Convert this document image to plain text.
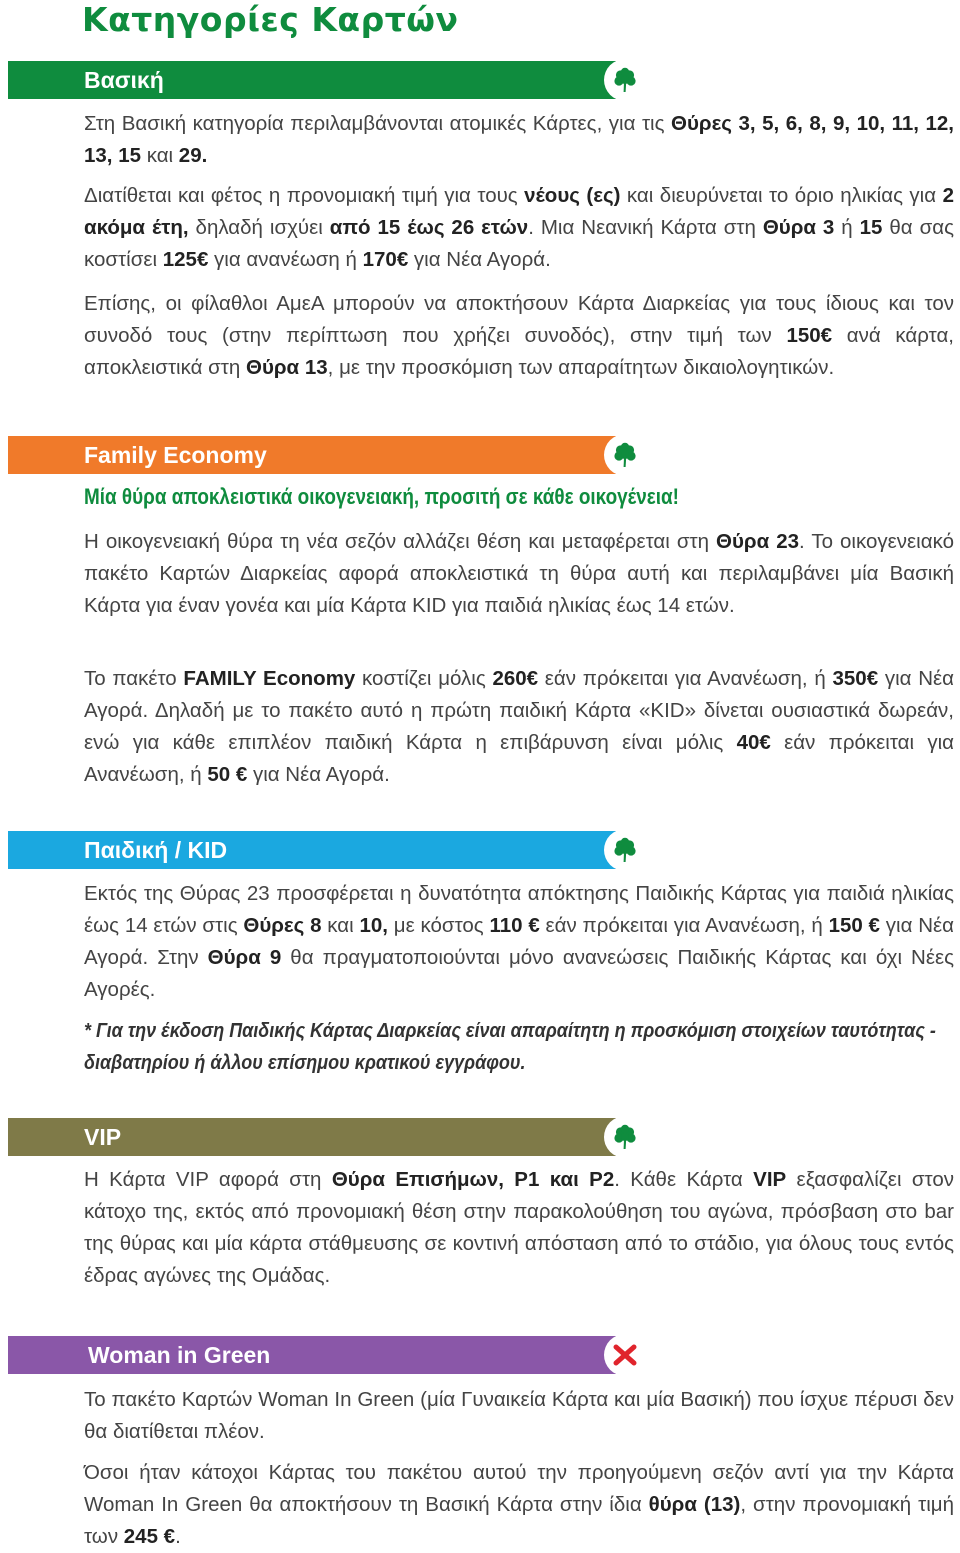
Κατηγορίες Καρτών
Βασική

Στη Βασική κατηγορία περιλαμβάνονται ατομικές Κάρτες, για τις Θύρες 3, 5, 6, 8, 9, 10, 11, 12, 13, 15 και 29.

Διατίθεται και φέτος η προνομιακή τιμή για τους νέους (ες) και διευρύνεται το όριο ηλικίας για 2 ακόμα έτη, δηλαδή ισχύει από 15 έως 26 ετών. Μια Νεανική Κάρτα στη Θύρα 3 ή 15 θα σας κοστίσει 125€ για ανανέωση ή 170€ για Νέα Αγορά.

Επίσης, οι φίλαθλοι ΑμεΑ μπορούν να αποκτήσουν Κάρτα Διαρκείας για τους ίδιους και τον συνοδό τους (στην περίπτωση που χρήζει συνοδός), στην τιμή των 150€ ανά κάρτα, αποκλειστικά στη Θύρα 13, με την προσκόμιση των απαραίτητων δικαιολογητικών.

Family Economy

Μία θύρα αποκλειστικά οικογενειακή, προσιτή σε κάθε οικογένεια!

Η οικογενειακή θύρα τη νέα σεζόν αλλάζει θέση και μεταφέρεται στη Θύρα 23. Το οικογενειακό πακέτο Καρτών Διαρκείας αφορά αποκλειστικά τη θύρα αυτή και περιλαμβάνει μία Βασική Κάρτα για έναν γονέα και μία Κάρτα KID για παιδιά ηλικίας έως 14 ετών.

Το πακέτο FAMILY Economy κοστίζει μόλις 260€ εάν πρόκειται για Ανανέωση, ή 350€ για Νέα Αγορά. Δηλαδή με το πακέτο αυτό η πρώτη παιδική Κάρτα «KID» δίνεται ουσιαστικά δωρεάν, ενώ για κάθε επιπλέον παιδική Κάρτα η επιβάρυνση είναι μόλις 40€ εάν πρόκειται για Ανανέωση, ή 50 € για Νέα Αγορά.

Παιδική / KID

Εκτός της Θύρας 23 προσφέρεται η δυνατότητα απόκτησης Παιδικής Κάρτας για παιδιά ηλικίας έως 14 ετών στις Θύρες 8 και 10, με κόστος 110 € εάν πρόκειται για Ανανέωση, ή 150 € για Νέα Αγορά. Στην Θύρα 9 θα πραγματοποιούνται μόνο ανανεώσεις Παιδικής Κάρτας και όχι Νέες Αγορές.

* Για την έκδοση Παιδικής Κάρτας Διαρκείας είναι απαραίτητη η προσκόμιση στοιχείων ταυτότητας - διαβατηρίου ή άλλου επίσημου κρατικού εγγράφου.

VIP

Η Κάρτα VIP αφορά στη Θύρα Επισήμων, Ρ1 και Ρ2. Κάθε Κάρτα VIP εξασφαλίζει στον κάτοχο της, εκτός από προνομιακή θέση στην παρακολούθηση του αγώνα, πρόσβαση στο bar της θύρας και μία κάρτα στάθμευσης σε κοντινή απόσταση από το στάδιο, για όλους τους εντός έδρας αγώνες της Ομάδας.

Woman in Green

Το πακέτο Καρτών Woman In Green (μία Γυναικεία Κάρτα και μία Βασική) που ίσχυε πέρυσι δεν θα διατίθεται πλέον.

Όσοι ήταν κάτοχοι Κάρτας του πακέτου αυτού την προηγούμενη σεζόν αντί για την Κάρτα Woman In Green θα αποκτήσουν τη Βασική Κάρτα στην ίδια θύρα (13), στην προνομιακή τιμή των 245 €.
